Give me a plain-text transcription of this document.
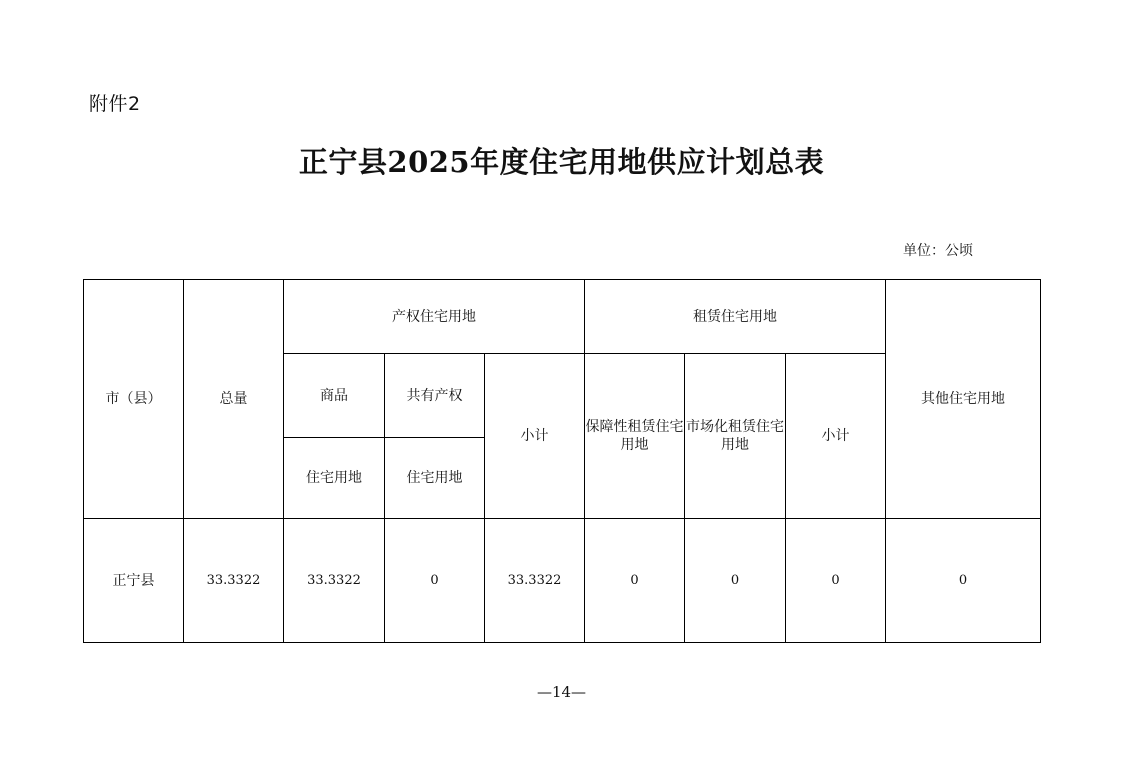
附件2
正宁县2025年度住宅用地供应计划总表
单位：公顷
市（县）	总量	产权住宅用地			租赁住宅用地			其他住宅用地
		商品	共有产权	小计	保障性租赁住宅用地	市场化租赁住宅用地	小计	
		住宅用地	住宅用地					
正宁县	33.3322	33.3322	0	33.3322	0	0	0	0
—14—
